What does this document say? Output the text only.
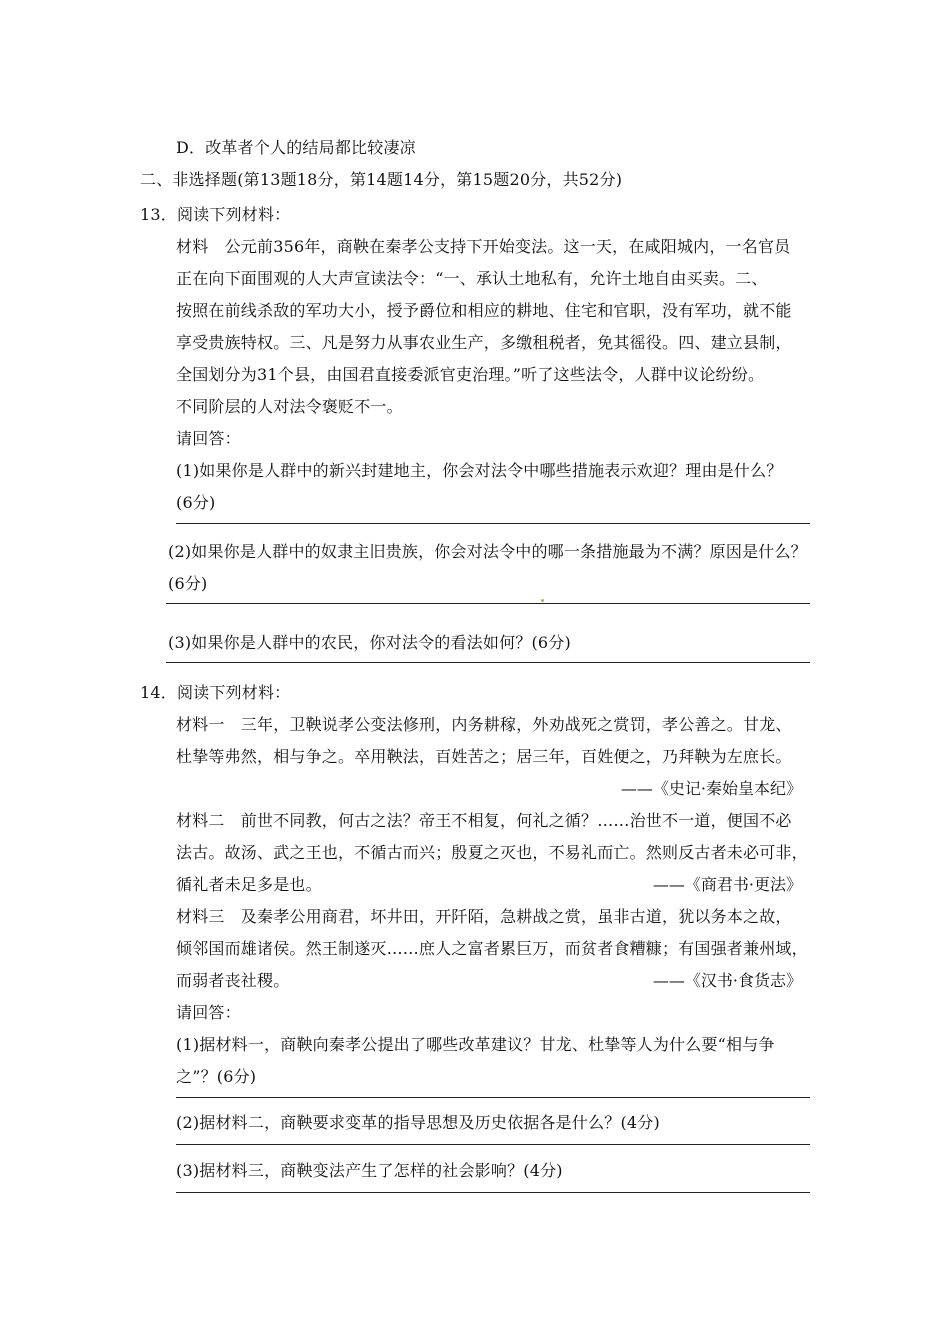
D．改革者个人的结局都比较凄凉
二、非选择题(第13题18分，第14题14分，第15题20分，共52分)
13．阅读下列材料：
材料　公元前356年，商鞅在秦孝公支持下开始变法。这一天，在咸阳城内，一名官员
正在向下面围观的人大声宣读法令：“一、承认土地私有，允许土地自由买卖。二、
按照在前线杀敌的军功大小，授予爵位和相应的耕地、住宅和官职，没有军功，就不能
享受贵族特权。三、凡是努力从事农业生产，多缴租税者，免其徭役。四、建立县制，
全国划分为31个县，由国君直接委派官吏治理。”听了这些法令，人群中议论纷纷。
不同阶层的人对法令褒贬不一。
请回答：
(1)如果你是人群中的新兴封建地主，你会对法令中哪些措施表示欢迎？理由是什么？
(6分)
(2)如果你是人群中的奴隶主旧贵族，你会对法令中的哪一条措施最为不满？原因是什么？
(6分)
(3)如果你是人群中的农民，你对法令的看法如何？(6分)
14．阅读下列材料：
材料一　三年，卫鞅说孝公变法修刑，内务耕稼，外劝战死之赏罚，孝公善之。甘龙、
杜挚等弗然，相与争之。卒用鞅法，百姓苦之；居三年，百姓便之，乃拜鞅为左庶长。
——《史记·秦始皇本纪》
材料二　前世不同教，何古之法？帝王不相复，何礼之循？……治世不一道，便国不必
法古。故汤、武之王也，不循古而兴；殷夏之灭也，不易礼而亡。然则反古者未必可非，
循礼者未足多是也。	——《商君书·更法》
材料三　及秦孝公用商君，坏井田，开阡陌，急耕战之赏，虽非古道，犹以务本之故，
倾邻国而雄诸侯。然王制遂灭……庶人之富者累巨万，而贫者食糟糠；有国强者兼州域，
而弱者丧社稷。	——《汉书·食货志》
请回答：
(1)据材料一，商鞅向秦孝公提出了哪些改革建议？甘龙、杜挚等人为什么要“相与争
之”？(6分)
(2)据材料二，商鞅要求变革的指导思想及历史依据各是什么？(4分)
(3)据材料三，商鞅变法产生了怎样的社会影响？(4分)
